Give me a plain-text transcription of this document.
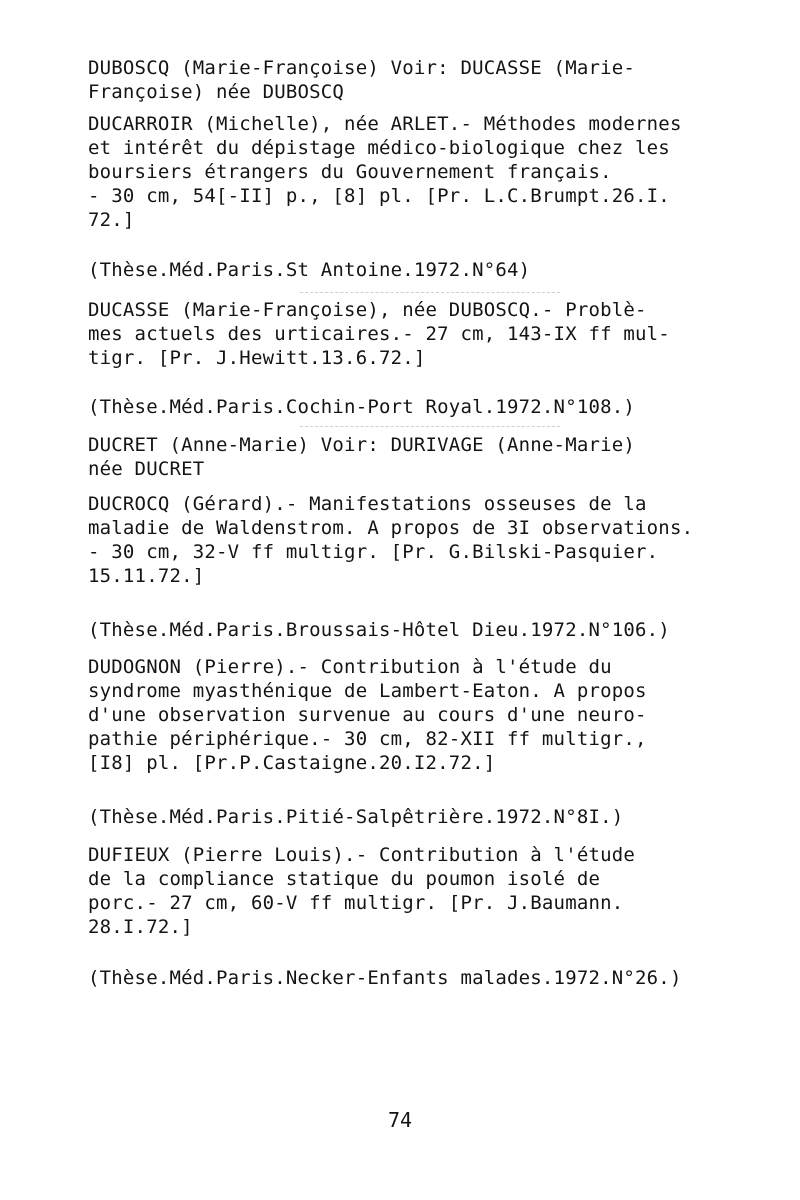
DUBOSCQ (Marie-Françoise) Voir: DUCASSE (Marie-
Françoise) née DUBOSCQ
DUCARROIR (Michelle), née ARLET.- Méthodes modernes
et intérêt du dépistage médico-biologique chez les
boursiers étrangers du Gouvernement français.
- 30 cm, 54[-II] p., [8] pl. [Pr. L.C.Brumpt.26.I.
72.]
(Thèse.Méd.Paris.St Antoine.1972.N°64)
DUCASSE (Marie-Françoise), née DUBOSCQ.- Problè-
mes actuels des urticaires.- 27 cm, 143-IX ff mul-
tigr. [Pr. J.Hewitt.13.6.72.]
(Thèse.Méd.Paris.Cochin-Port Royal.1972.N°108.)
DUCRET (Anne-Marie) Voir: DURIVAGE (Anne-Marie)
née DUCRET
DUCROCQ (Gérard).- Manifestations osseuses de la
maladie de Waldenstrom. A propos de 3I observations.
- 30 cm, 32-V ff multigr. [Pr. G.Bilski-Pasquier.
15.11.72.]
(Thèse.Méd.Paris.Broussais-Hôtel Dieu.1972.N°106.)
DUDOGNON (Pierre).- Contribution à l'étude du
syndrome myasthénique de Lambert-Eaton. A propos
d'une observation survenue au cours d'une neuro-
pathie périphérique.- 30 cm, 82-XII ff multigr.,
[I8] pl. [Pr.P.Castaigne.20.I2.72.]
(Thèse.Méd.Paris.Pitié-Salpêtrière.1972.N°8I.)
DUFIEUX (Pierre Louis).- Contribution à l'étude
de la compliance statique du poumon isolé de
porc.- 27 cm, 60-V ff multigr. [Pr. J.Baumann.
28.I.72.]
(Thèse.Méd.Paris.Necker-Enfants malades.1972.N°26.)
74
